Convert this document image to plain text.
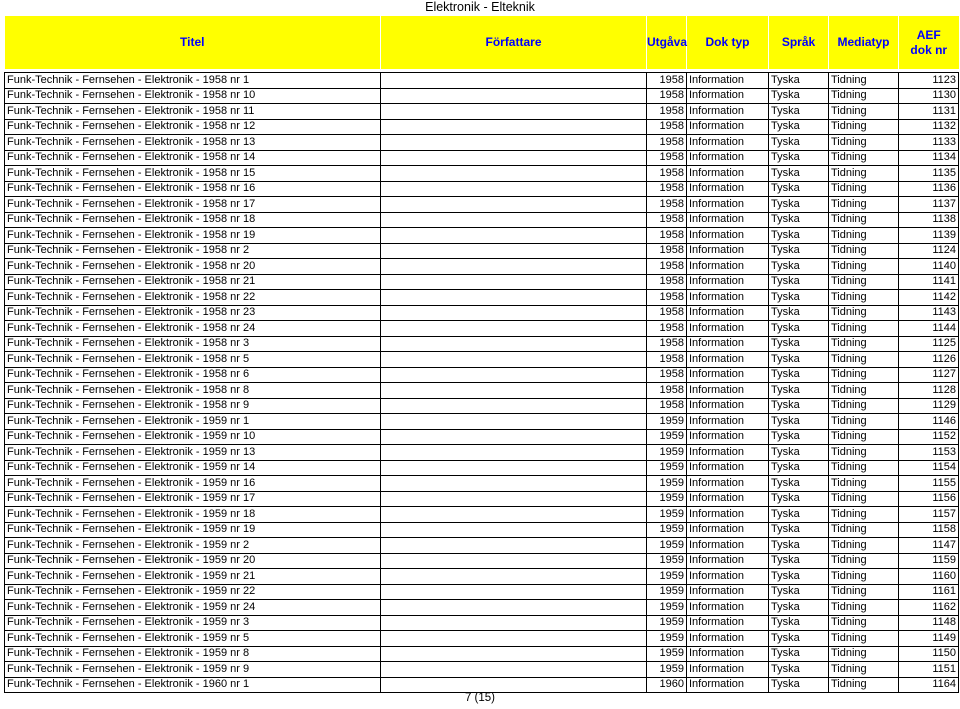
Elektronik - Elteknik
Titel	Författare	Utgåva	Dok typ	Språk	Mediatyp	AEF
dok nr

Funk-Technik - Fernsehen - Elektronik - 1958 nr 1		1958	Information	Tyska	Tidning	1123
Funk-Technik - Fernsehen - Elektronik - 1958 nr 10		1958	Information	Tyska	Tidning	1130
Funk-Technik - Fernsehen - Elektronik - 1958 nr 11		1958	Information	Tyska	Tidning	1131
Funk-Technik - Fernsehen - Elektronik - 1958 nr 12		1958	Information	Tyska	Tidning	1132
Funk-Technik - Fernsehen - Elektronik - 1958 nr 13		1958	Information	Tyska	Tidning	1133
Funk-Technik - Fernsehen - Elektronik - 1958 nr 14		1958	Information	Tyska	Tidning	1134
Funk-Technik - Fernsehen - Elektronik - 1958 nr 15		1958	Information	Tyska	Tidning	1135
Funk-Technik - Fernsehen - Elektronik - 1958 nr 16		1958	Information	Tyska	Tidning	1136
Funk-Technik - Fernsehen - Elektronik - 1958 nr 17		1958	Information	Tyska	Tidning	1137
Funk-Technik - Fernsehen - Elektronik - 1958 nr 18		1958	Information	Tyska	Tidning	1138
Funk-Technik - Fernsehen - Elektronik - 1958 nr 19		1958	Information	Tyska	Tidning	1139
Funk-Technik - Fernsehen - Elektronik - 1958 nr 2		1958	Information	Tyska	Tidning	1124
Funk-Technik - Fernsehen - Elektronik - 1958 nr 20		1958	Information	Tyska	Tidning	1140
Funk-Technik - Fernsehen - Elektronik - 1958 nr 21		1958	Information	Tyska	Tidning	1141
Funk-Technik - Fernsehen - Elektronik - 1958 nr 22		1958	Information	Tyska	Tidning	1142
Funk-Technik - Fernsehen - Elektronik - 1958 nr 23		1958	Information	Tyska	Tidning	1143
Funk-Technik - Fernsehen - Elektronik - 1958 nr 24		1958	Information	Tyska	Tidning	1144
Funk-Technik - Fernsehen - Elektronik - 1958 nr 3		1958	Information	Tyska	Tidning	1125
Funk-Technik - Fernsehen - Elektronik - 1958 nr 5		1958	Information	Tyska	Tidning	1126
Funk-Technik - Fernsehen - Elektronik - 1958 nr 6		1958	Information	Tyska	Tidning	1127
Funk-Technik - Fernsehen - Elektronik - 1958 nr 8		1958	Information	Tyska	Tidning	1128
Funk-Technik - Fernsehen - Elektronik - 1958 nr 9		1958	Information	Tyska	Tidning	1129
Funk-Technik - Fernsehen - Elektronik - 1959 nr 1		1959	Information	Tyska	Tidning	1146
Funk-Technik - Fernsehen - Elektronik - 1959 nr 10		1959	Information	Tyska	Tidning	1152
Funk-Technik - Fernsehen - Elektronik - 1959 nr 13		1959	Information	Tyska	Tidning	1153
Funk-Technik - Fernsehen - Elektronik - 1959 nr 14		1959	Information	Tyska	Tidning	1154
Funk-Technik - Fernsehen - Elektronik - 1959 nr 16		1959	Information	Tyska	Tidning	1155
Funk-Technik - Fernsehen - Elektronik - 1959 nr 17		1959	Information	Tyska	Tidning	1156
Funk-Technik - Fernsehen - Elektronik - 1959 nr 18		1959	Information	Tyska	Tidning	1157
Funk-Technik - Fernsehen - Elektronik - 1959 nr 19		1959	Information	Tyska	Tidning	1158
Funk-Technik - Fernsehen - Elektronik - 1959 nr 2		1959	Information	Tyska	Tidning	1147
Funk-Technik - Fernsehen - Elektronik - 1959 nr 20		1959	Information	Tyska	Tidning	1159
Funk-Technik - Fernsehen - Elektronik - 1959 nr 21		1959	Information	Tyska	Tidning	1160
Funk-Technik - Fernsehen - Elektronik - 1959 nr 22		1959	Information	Tyska	Tidning	1161
Funk-Technik - Fernsehen - Elektronik - 1959 nr 24		1959	Information	Tyska	Tidning	1162
Funk-Technik - Fernsehen - Elektronik - 1959 nr 3		1959	Information	Tyska	Tidning	1148
Funk-Technik - Fernsehen - Elektronik - 1959 nr 5		1959	Information	Tyska	Tidning	1149
Funk-Technik - Fernsehen - Elektronik - 1959 nr 8		1959	Information	Tyska	Tidning	1150
Funk-Technik - Fernsehen - Elektronik - 1959 nr 9		1959	Information	Tyska	Tidning	1151
Funk-Technik - Fernsehen - Elektronik - 1960 nr 1		1960	Information	Tyska	Tidning	1164
7 (15)
